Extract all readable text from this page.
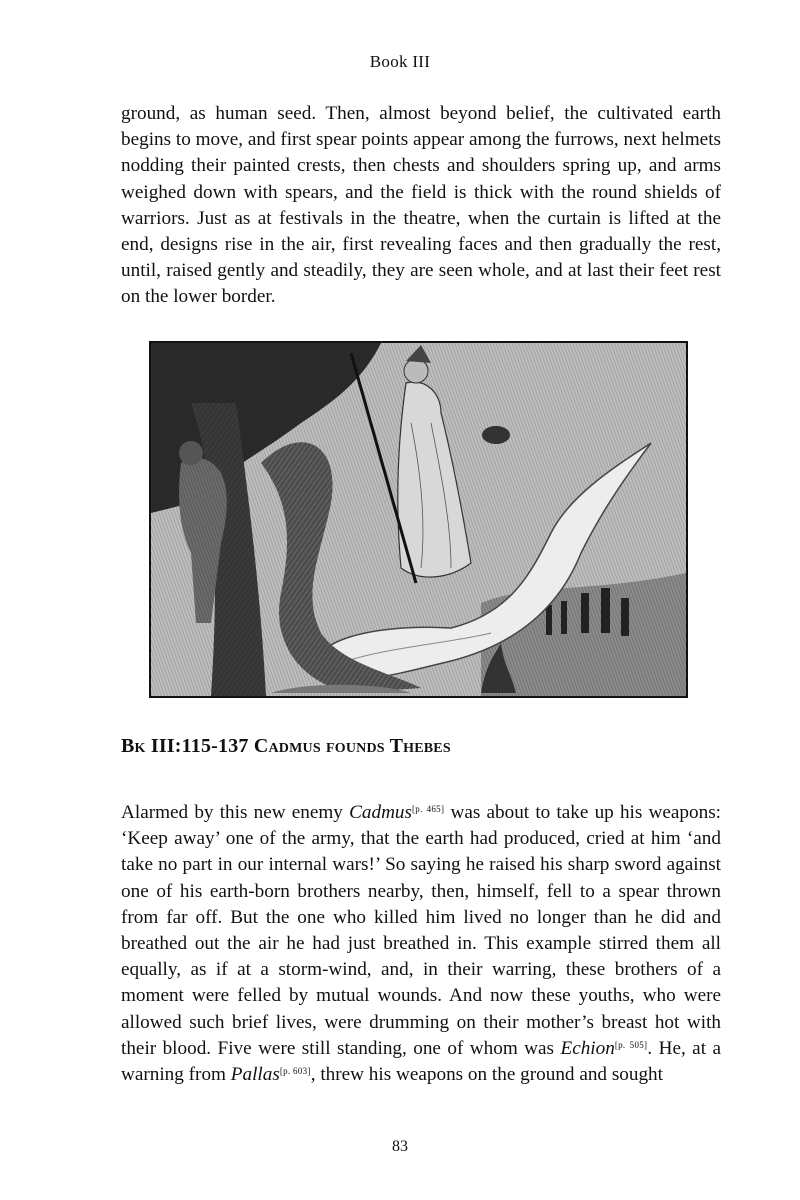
Book III

ground, as human seed. Then, almost beyond belief, the cultivated earth begins to move, and first spear points appear among the furrows, next helmets nodding their painted crests, then chests and shoulders spring up, and arms weighed down with spears, and the field is thick with the round shields of warriors. Just as at festivals in the theatre, when the curtain is lifted at the end, designs rise in the air, first revealing faces and then gradually the rest, until, raised gently and steadily, they are seen whole, and at last their feet rest on the lower border.

Bk III:115-137 Cadmus founds Thebes

Alarmed by this new enemy Cadmus[p. 465] was about to take up his weapons: ‘Keep away’ one of the army, that the earth had produced, cried at him ‘and take no part in our internal wars!’ So saying he raised his sharp sword against one of his earth-born brothers nearby, then, himself, fell to a spear thrown from far off. But the one who killed him lived no longer than he did and breathed out the air he had just breathed in. This example stirred them all equally, as if at a storm-wind, and, in their warring, these brothers of a moment were felled by mutual wounds. And now these youths, who were allowed such brief lives, were drumming on their mother’s breast hot with their blood. Five were still standing, one of whom was Echion[p. 505]. He, at a warning from Pallas[p. 603], threw his weapons on the ground and sought

83
